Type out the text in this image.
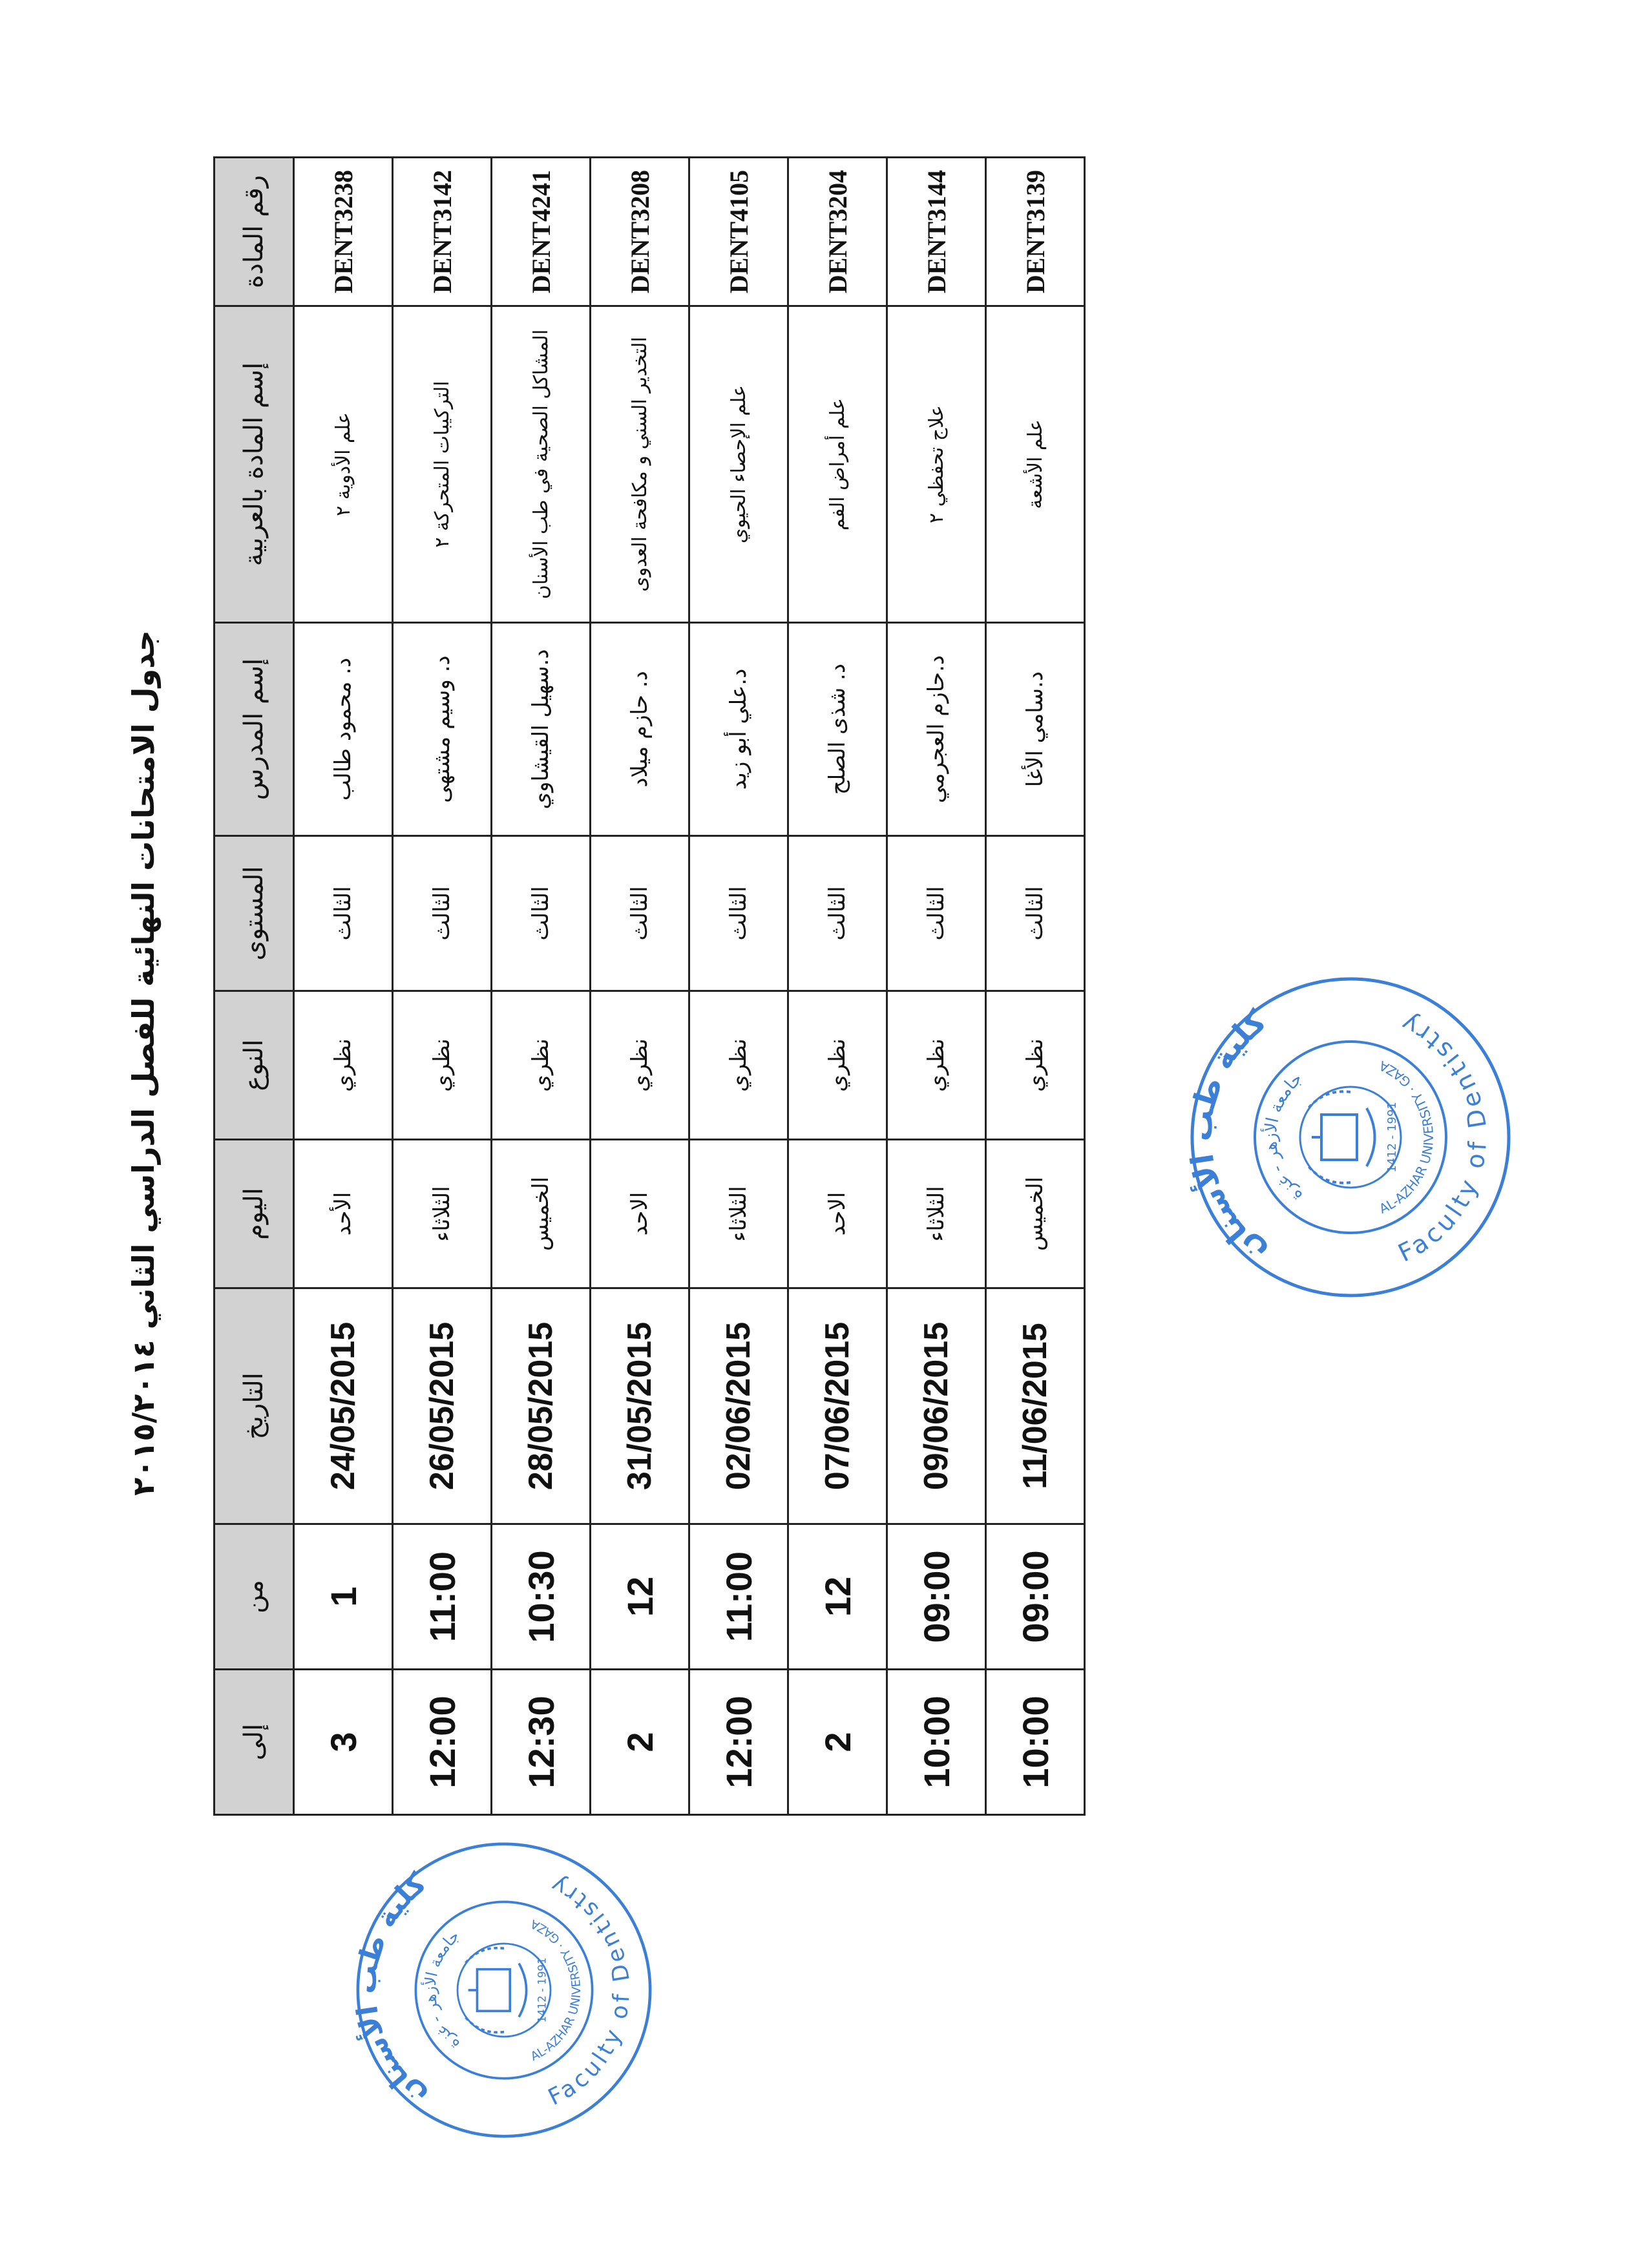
جدول الامتحانات النهائية للفصل الدراسي الثاني ٢٠١٥/٢٠١٤
رقم المادة	إسم المادة بالعربية	إسم المدرس	المستوى	النوع	اليوم	التاريخ	من	إلى
DENT3238	علم الأدوية ٢	د. محمود طالب	الثالث	نظري	الأحد	24/05/2015	1	3
DENT3142	التركيبات المتحركة ٢	د. وسيم مشتهى	الثالث	نظري	الثلاثاء	26/05/2015	11:00	12:00
DENT4241	المشاكل الصحية في طب الأسنان	د.سهيل القيشاوي	الثالث	نظري	الخميس	28/05/2015	10:30	12:30
DENT3208	التخدير السني و مكافحة العدوى	د. حازم ميلاد	الثالث	نظري	الاحد	31/05/2015	12	2
DENT4105	علم الإحصاء الحيوي	د.علي أبو زيد	الثالث	نظري	الثلاثاء	02/06/2015	11:00	12:00
DENT3204	علم أمراض الفم	د. شذى الصلح	الثالث	نظري	الاحد	07/06/2015	12	2
DENT3144	علاج تحفظي ٢	د.حازم العجرمي	الثالث	نظري	الثلاثاء	09/06/2015	09:00	10:00
DENT3139	علم الأشعة	د.سامي الأغا	الثالث	نظري	الخميس	11/06/2015	09:00	10:00
كلية طب الأسنان
Faculty of Dentistry
جامعة الأزهر - غزة
AL-AZHAR UNIVERSITY · GAZA
1412 - 1991
كلية طب الأسنان
Faculty of Dentistry
جامعة الأزهر - غزة
AL-AZHAR UNIVERSITY · GAZA
1412 - 1991
